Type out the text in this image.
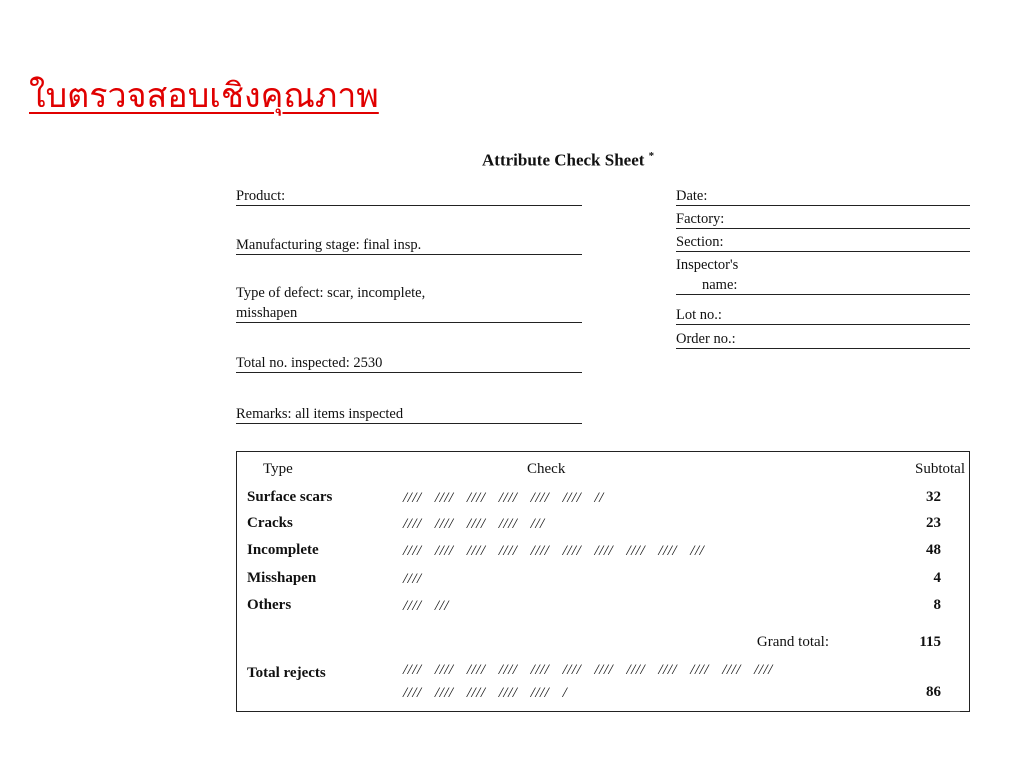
ใบตรวจสอบเชิงคุณภาพ
Attribute Check Sheet *
Product:
Manufacturing stage: final insp.
Type of defect: scar, incomplete,
misshapen
Total no. inspected: 2530
Remarks: all items inspected
Date:
Factory:
Section:
Inspector's
name:
Lot no.:
Order no.:
Type	Check	Subtotal
Surface scars	//// //// //// //// //// //// //	32
Cracks	//// //// //// //// ///	23
Incomplete	//// //// //// //// //// //// //// //// //// ///	48
Misshapen	////	4
Others	//// ///	8
Grand total:	115
Total rejects	//// //// //// //// //// //// //// //// //// //// //// ////
//// //// //// //// //// /	86
